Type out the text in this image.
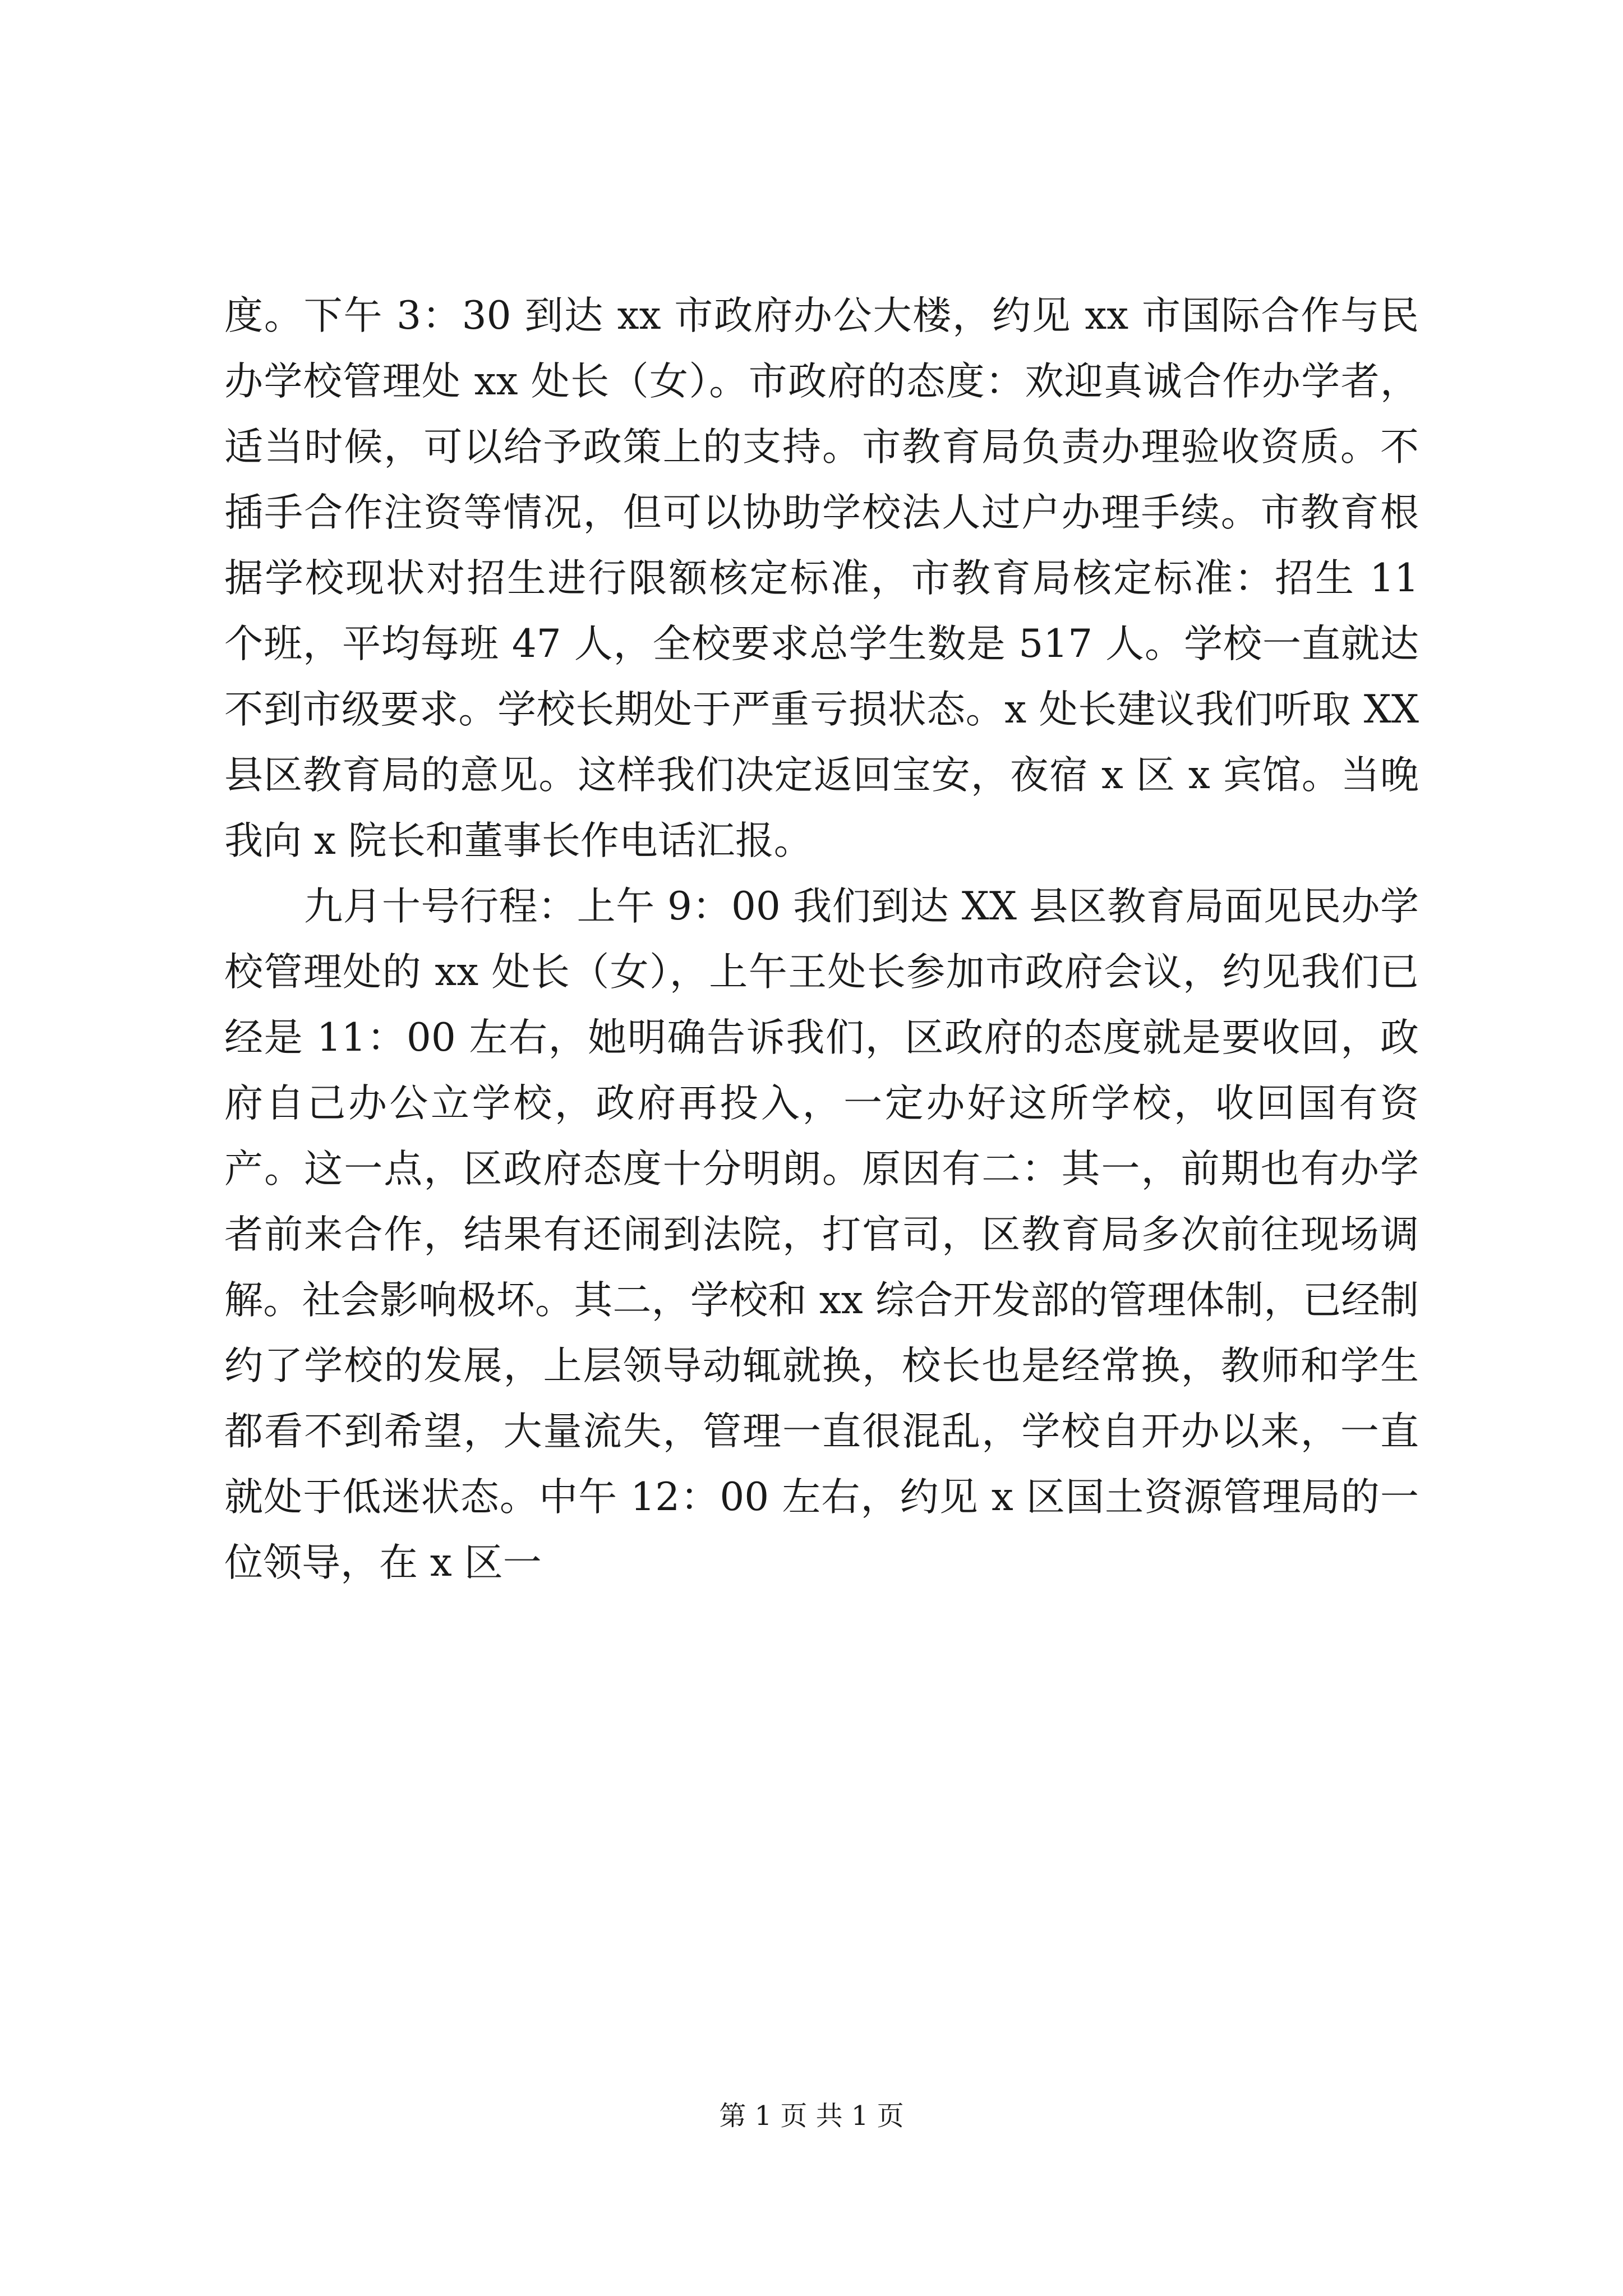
度。下午 3：30 到达 xx 市政府办公大楼，约见 xx 市国际合作与民办学校管理处 xx 处长（女）。市政府的态度：欢迎真诚合作办学者，适当时候，可以给予政策上的支持。市教育局负责办理验收资质。不插手合作注资等情况，但可以协助学校法人过户办理手续。市教育根据学校现状对招生进行限额核定标准，市教育局核定标准：招生 11 个班，平均每班 47 人，全校要求总学生数是 517 人。学校一直就达不到市级要求。学校长期处于严重亏损状态。x 处长建议我们听取 XX 县区教育局的意见。这样我们决定返回宝安，夜宿 x 区 x 宾馆。当晚我向 x 院长和董事长作电话汇报。

九月十号行程：上午 9：00 我们到达 XX 县区教育局面见民办学校管理处的 xx 处长（女），上午王处长参加市政府会议，约见我们已经是 11：00 左右，她明确告诉我们，区政府的态度就是要收回，政府自己办公立学校，政府再投入，一定办好这所学校，收回国有资产。这一点，区政府态度十分明朗。原因有二：其一，前期也有办学者前来合作，结果有还闹到法院，打官司，区教育局多次前往现场调解。社会影响极坏。其二，学校和 xx 综合开发部的管理体制，已经制约了学校的发展，上层领导动辄就换，校长也是经常换，教师和学生都看不到希望，大量流失，管理一直很混乱，学校自开办以来，一直就处于低迷状态。中午 12：00 左右，约见 x 区国土资源管理局的一位领导，在 x 区一

第 1 页 共 1 页
